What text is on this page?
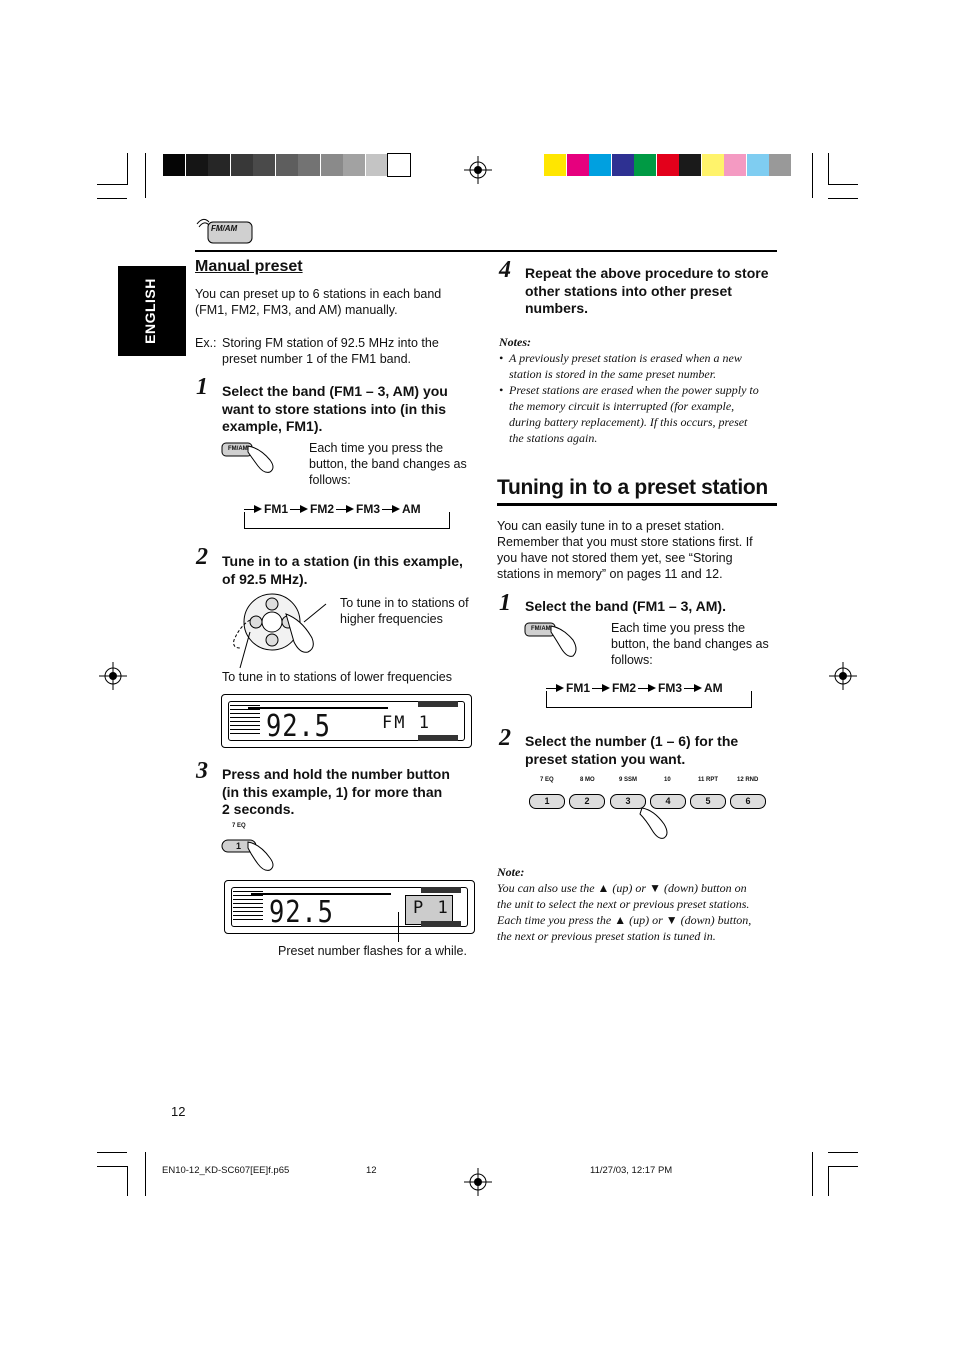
FM/AM
ENGLISH
Manual preset
You can preset up to 6 stations in each band
(FM1, FM2, FM3, and AM) manually.
Ex.: Storing FM station of 92.5 MHz into the
preset number 1 of the FM1 band.
1 Select the band (FM1 – 3, AM) you
want to store stations into (in this
example, FM1).
FM/AM	Each time you press the
button, the band changes as
follows:
FM1 FM2 FM3 AM
2 Tune in to a station (in this example,
of 92.5 MHz).
To tune in to stations of
higher frequencies
To tune in to stations of lower frequencies
92.5	FM 1
3 Press and hold the number button
(in this example, 1) for more than
2 seconds.
7 EQ
1
92.5	P 1
Preset number flashes for a while.
4 Repeat the above procedure to store
other stations into other preset
numbers.
Notes:
• A previously preset station is erased when a new
station is stored in the same preset number.
• Preset stations are erased when the power supply to
the memory circuit is interrupted (for example,
during battery replacement). If this occurs, preset
the stations again.
Tuning in to a preset station
You can easily tune in to a preset station.
Remember that you must store stations first. If
you have not stored them yet, see “Storing
stations in memory” on pages 11 and 12.
1 Select the band (FM1 – 3, AM).
FM/AM	Each time you press the
button, the band changes as
follows:
FM1 FM2 FM3 AM
2 Select the number (1 – 6) for the
preset station you want.
7 EQ	8 MO	9 SSM	10	11 RPT	12 RND
1	2	3	4	5	6
Note:
You can also use the ▲ (up) or ▼ (down) button on
the unit to select the next or previous preset stations.
Each time you press the ▲ (up) or ▼ (down) button,
the next or previous preset station is tuned in.
12
EN10-12_KD-SC607[EE]f.p65	12	11/27/03, 12:17 PM
